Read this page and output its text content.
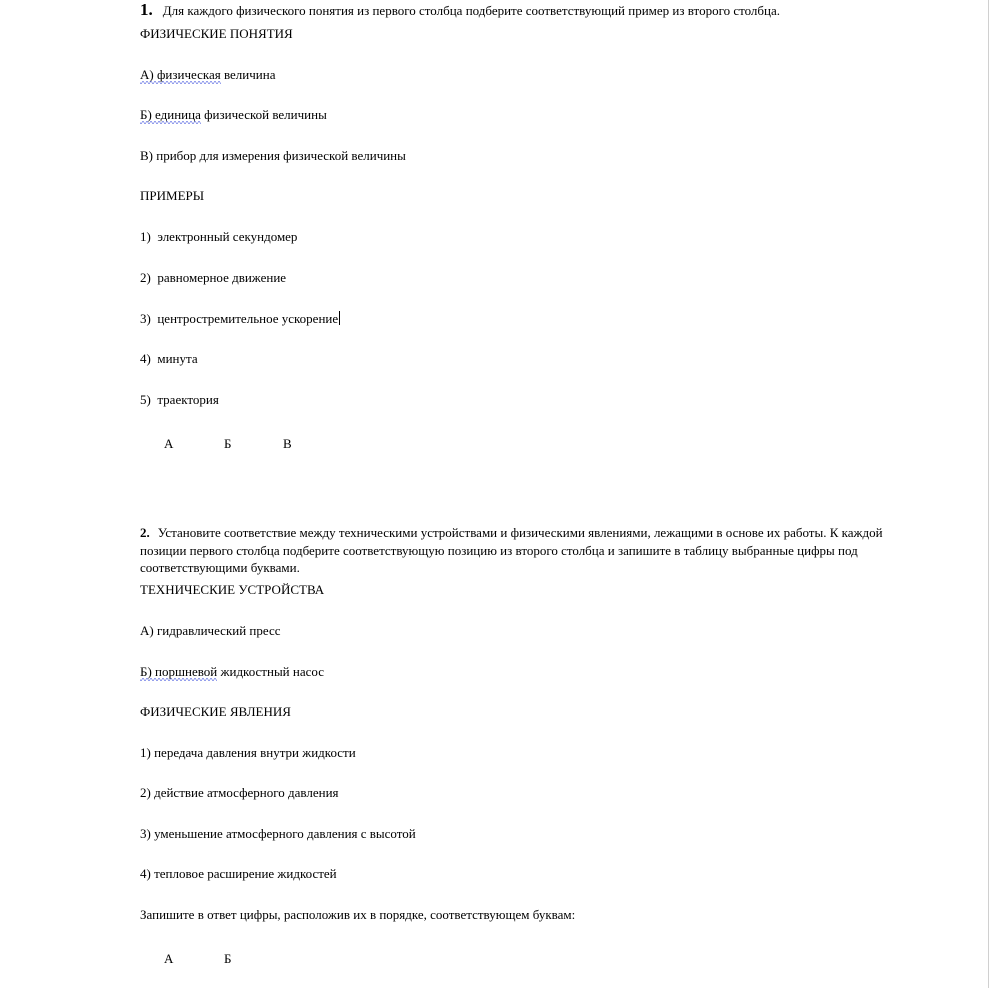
1. Для каждого физического понятия из первого столбца подберите соответствующий пример из второго столбца.
ФИЗИЧЕСКИЕ ПОНЯТИЯ
А) физическая величина
Б) единица физической величины
В) прибор для измерения физической величины
ПРИМЕРЫ
1) электронный секундомер
2) равномерное движение
3) центростремительное ускорение
4) минута
5) траектория
А	Б	В
2. Установите соответствие между техническими устройствами и физическими явлениями, лежащими в основе их работы. К каждой позиции первого столбца подберите соответствующую позицию из второго столбца и запишите в таблицу выбранные цифры под соответствующими буквами.
ТЕХНИЧЕСКИЕ УСТРОЙСТВА
А) гидравлический пресс
Б) поршневой жидкостный насос
ФИЗИЧЕСКИЕ ЯВЛЕНИЯ
1) передача давления внутри жидкости
2) действие атмосферного давления
3) уменьшение атмосферного давления с высотой
4) тепловое расширение жидкостей
Запишите в ответ цифры, расположив их в порядке, соответствующем буквам:
А	Б
